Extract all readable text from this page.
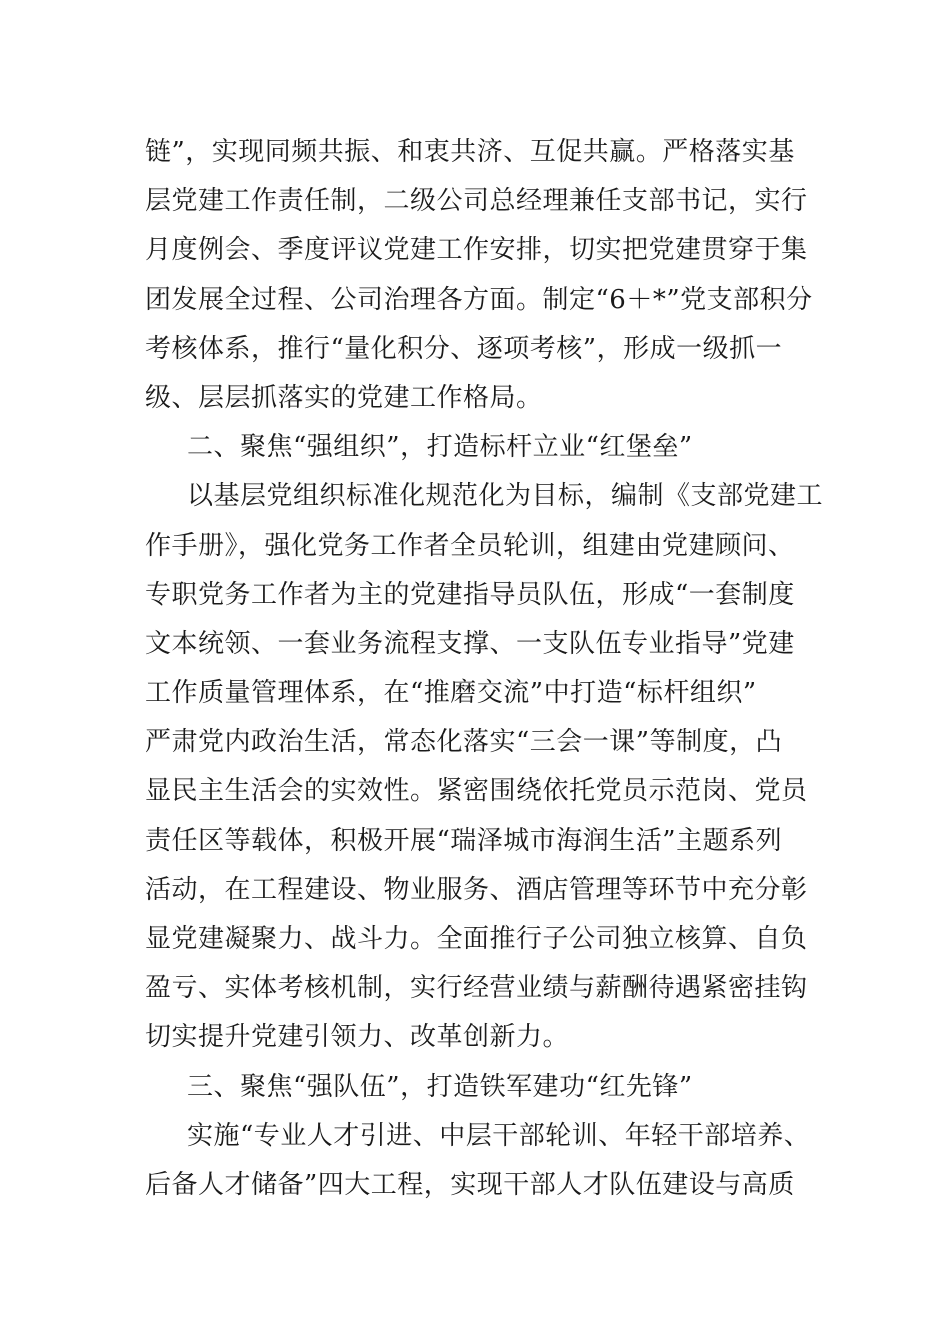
链”，实现同频共振、和衷共济、互促共赢。严格落实基
层党建工作责任制，二级公司总经理兼任支部书记，实行
月度例会、季度评议党建工作安排，切实把党建贯穿于集
团发展全过程、公司治理各方面。制定“6＋*”党支部积分
考核体系，推行“量化积分、逐项考核”，形成一级抓一
级、层层抓落实的党建工作格局。
二、聚焦“强组织”，打造标杆立业“红堡垒”
以基层党组织标准化规范化为目标，编制《支部党建工
作手册》，强化党务工作者全员轮训，组建由党建顾问、
专职党务工作者为主的党建指导员队伍，形成“一套制度
文本统领、一套业务流程支撑、一支队伍专业指导”党建
工作质量管理体系，在“推磨交流”中打造“标杆组织”
严肃党内政治生活，常态化落实“三会一课”等制度，凸
显民主生活会的实效性。紧密围绕依托党员示范岗、党员
责任区等载体，积极开展“瑞泽城市海润生活”主题系列
活动，在工程建设、物业服务、酒店管理等环节中充分彰
显党建凝聚力、战斗力。全面推行子公司独立核算、自负
盈亏、实体考核机制，实行经营业绩与薪酬待遇紧密挂钩
切实提升党建引领力、改革创新力。
三、聚焦“强队伍”，打造铁军建功“红先锋”
实施“专业人才引进、中层干部轮训、年轻干部培养、
后备人才储备”四大工程，实现干部人才队伍建设与高质
